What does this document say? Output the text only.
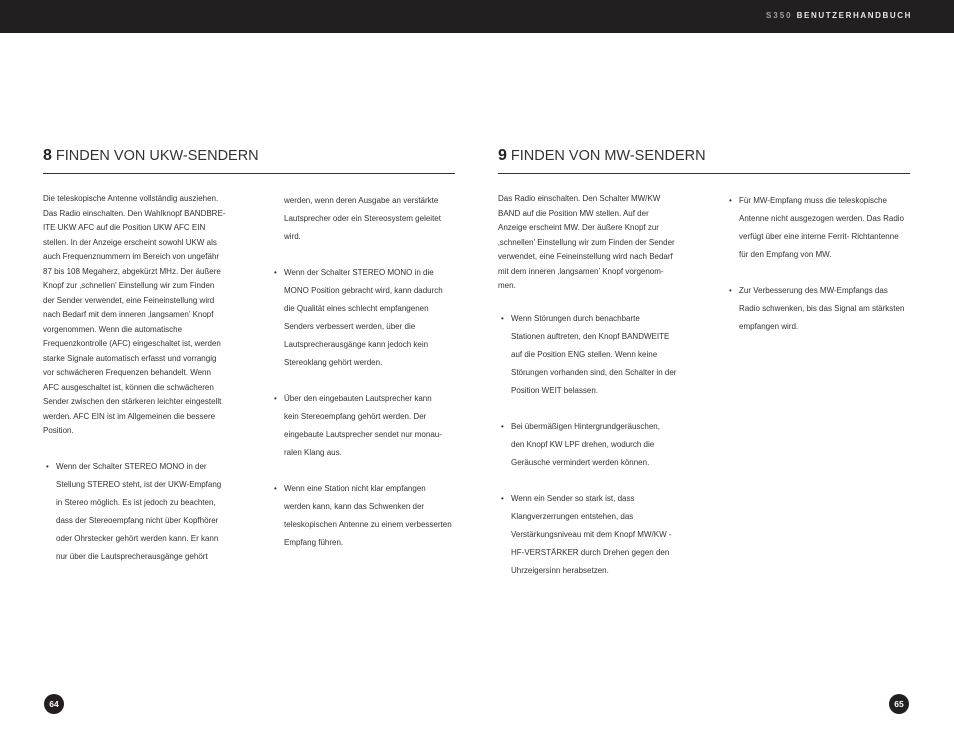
S350 BENUTZERHANDBUCH
8 FINDEN VON UKW-SENDERN	9 FINDEN VON MW-SENDERN
Die teleskopische Antenne vollständig ausziehen.
Das Radio einschalten. Den Wahlknopf BANDBRE-
ITE UKW AFC auf die Position UKW AFC EIN
stellen. In der Anzeige erscheint sowohl UKW als
auch Frequenznummern im Bereich von ungefähr
87 bis 108 Megaherz, abgekürzt MHz. Der äußere
Knopf zur ‚schnellen’ Einstellung wir zum Finden
der Sender verwendet, eine Feineinstellung wird
nach Bedarf mit dem inneren ‚langsamen’ Knopf
vorgenommen. Wenn die automatische
Frequenzkontrolle (AFC) eingeschaltet ist, werden
starke Signale automatisch erfasst und vorrangig
vor schwächeren Frequenzen behandelt. Wenn
AFC ausgeschaltet ist, können die schwächeren
Sender zwischen den stärkeren leichter eingestellt
werden. AFC EIN ist im Allgemeinen die bessere
Position.
• Wenn der Schalter STEREO MONO in der
Stellung STEREO steht, ist der UKW-Empfang
in Stereo möglich. Es ist jedoch zu beachten,
dass der Stereoempfang nicht über Kopfhörer
oder Ohrstecker gehört werden kann. Er kann
nur über die Lautsprecherausgänge gehört
werden, wenn deren Ausgabe an verstärkte
Lautsprecher oder ein Stereosystem geleitet
wird.
• Wenn der Schalter STEREO MONO in die
MONO Position gebracht wird, kann dadurch
die Qualität eines schlecht empfangenen
Senders verbessert werden, über die
Lautsprecherausgänge kann jedoch kein
Stereoklang gehört werden.
• Über den eingebauten Lautsprecher kann
kein Stereoempfang gehört werden. Der
eingebaute Lautsprecher sendet nur monau-
ralen Klang aus.
• Wenn eine Station nicht klar empfangen
werden kann, kann das Schwenken der
teleskopischen Antenne zu einem verbesserten
Empfang führen.
Das Radio einschalten. Den Schalter MW/KW
BAND auf die Position MW stellen. Auf der
Anzeige erscheint MW. Der äußere Knopf zur
‚schnellen’ Einstellung wir zum Finden der Sender
verwendet, eine Feineinstellung wird nach Bedarf
mit dem inneren ‚langsamen’ Knopf vorgenom-
men.
• Wenn Störungen durch benachbarte
Stationen auftreten, den Knopf BANDWEITE
auf die Position ENG stellen. Wenn keine
Störungen vorhanden sind, den Schalter in der
Position WEIT belassen.
• Bei übermäßigen Hintergrundgeräuschen,
den Knopf KW LPF drehen, wodurch die
Geräusche vermindert werden können.
• Wenn ein Sender so stark ist, dass
Klangverzerrungen entstehen, das
Verstärkungsniveau mit dem Knopf MW/KW -
HF-VERSTÄRKER durch Drehen gegen den
Uhrzeigersinn herabsetzen.
• Für MW-Empfang muss die teleskopische
Antenne nicht ausgezogen werden. Das Radio
verfügt über eine interne Ferrit- Richtantenne
für den Empfang von MW.
• Zur Verbesserung des MW-Empfangs das
Radio schwenken, bis das Signal am stärksten
empfangen wird.
64	65
